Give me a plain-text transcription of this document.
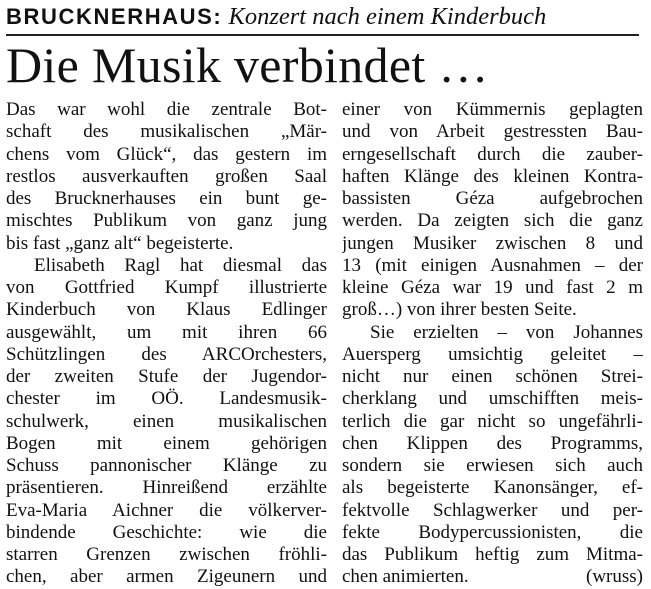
BRUCKNERHAUS: Konzert nach einem Kinderbuch
Die Musik verbindet …
Das war wohl die zentrale Bot-
schaft des musikalischen „Mär-
chens vom Glück“, das gestern im
restlos ausverkauften großen Saal
des Brucknerhauses ein bunt ge-
mischtes Publikum von ganz jung
bis fast „ganz alt“ begeisterte.
Elisabeth Ragl hat diesmal das
von Gottfried Kumpf illustrierte
Kinderbuch von Klaus Edlinger
ausgewählt, um mit ihren 66
Schützlingen des ARCOrchesters,
der zweiten Stufe der Jugendor-
chester im OÖ. Landesmusik-
schulwerk, einen musikalischen
Bogen mit einem gehörigen
Schuss pannonischer Klänge zu
präsentieren. Hinreißend erzählte
Eva-Maria Aichner die völkerver-
bindende Geschichte: wie die
starren Grenzen zwischen fröhli-
chen, aber armen Zigeunern und
einer von Kümmernis geplagten
und von Arbeit gestressten Bau-
erngesellschaft durch die zauber-
haften Klänge des kleinen Kontra-
bassisten Géza aufgebrochen
werden. Da zeigten sich die ganz
jungen Musiker zwischen 8 und
13 (mit einigen Ausnahmen – der
kleine Géza war 19 und fast 2 m
groß…) von ihrer besten Seite.
Sie erzielten – von Johannes
Auersperg umsichtig geleitet –
nicht nur einen schönen Strei-
cherklang und umschifften meis-
terlich die gar nicht so ungefährli-
chen Klippen des Programms,
sondern sie erwiesen sich auch
als begeisterte Kanonsänger, ef-
fektvolle Schlagwerker und per-
fekte Bodypercussionisten, die
das Publikum heftig zum Mitma-
chen animierten.	(wruss)
